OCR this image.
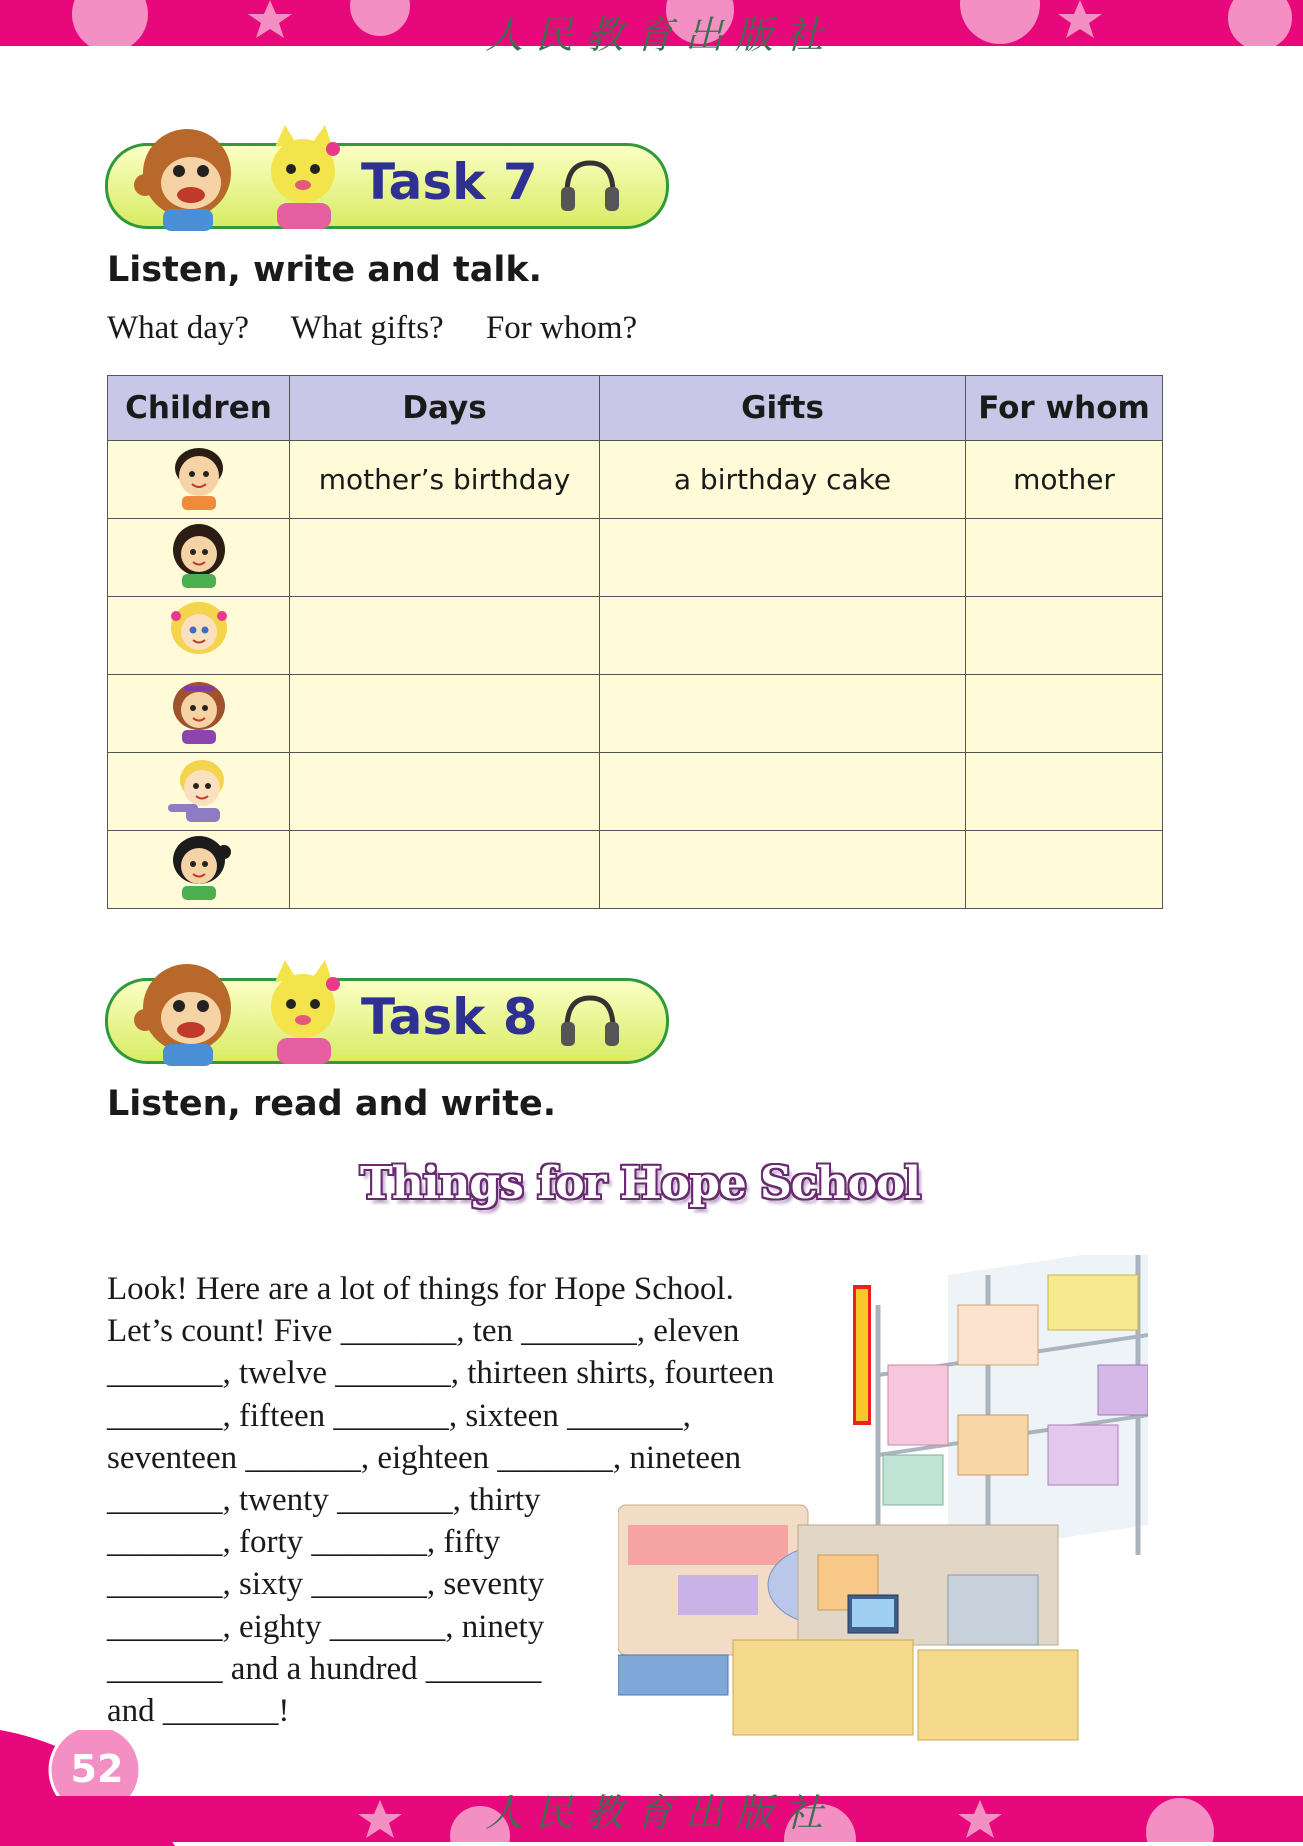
人民教育出版社
Task 7
Listen, write and talk.
What day? What gifts? For whom?
Children	Days	Gifts	For whom
	mother’s birthday	a birthday cake	mother

Task 8
Listen, read and write.
Things for Hope School
Look! Here are a lot of things for Hope School.
Let’s count! Five _______, ten _______, eleven
_______, twelve _______, thirteen shirts, fourteen
_______, fifteen _______, sixteen _______,
seventeen _______, eighteen _______, nineteen
_______, twenty _______, thirty
_______, forty _______, fifty
_______, sixty _______, seventy
_______, eighty _______, ninety
_______ and a hundred _______
and _______!
52
人民教育出版社
